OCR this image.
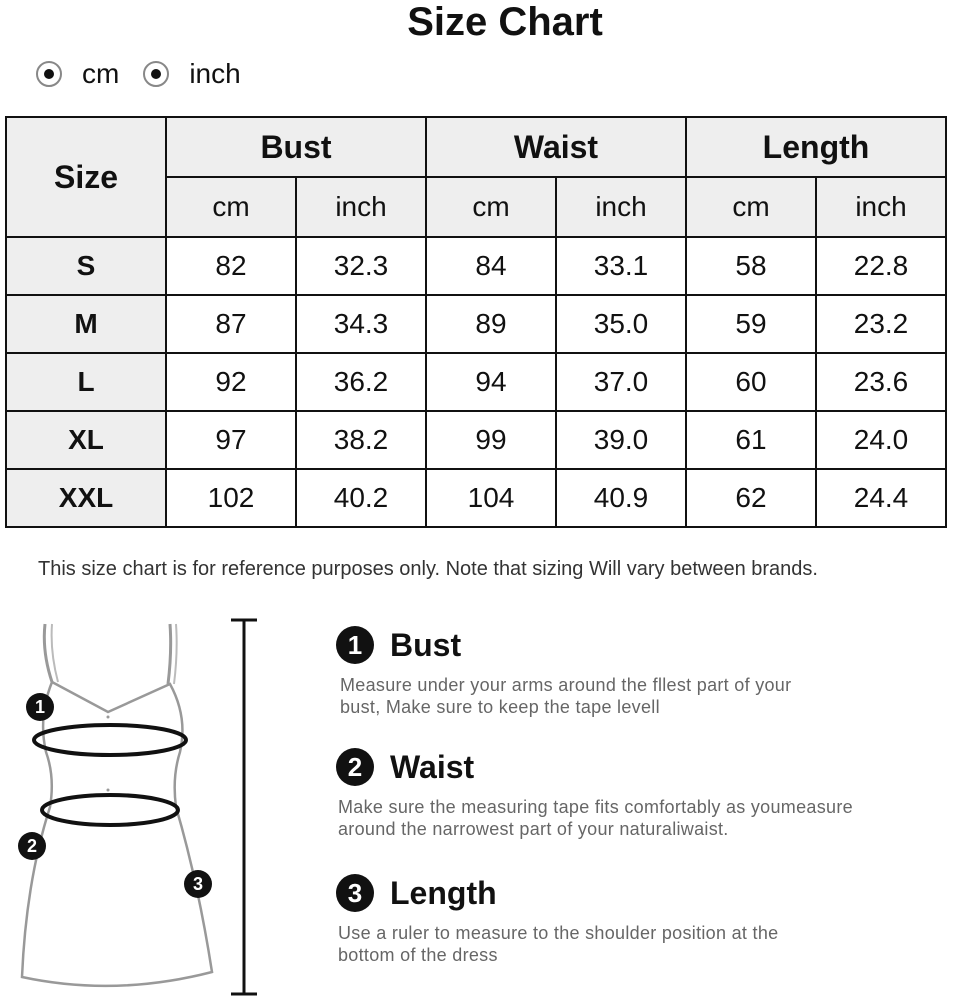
Size Chart
cm	inch
Size	Bust		Waist		Length	
	cm	inch	cm	inch	cm	inch
S	82	32.3	84	33.1	58	22.8
M	87	34.3	89	35.0	59	23.2
L	92	36.2	94	37.0	60	23.6
XL	97	38.2	99	39.0	61	24.0
XXL	102	40.2	104	40.9	62	24.4
This size chart is for reference purposes only. Note that sizing Will vary between brands.
1
2
3
1 Bust
Measure under your arms around the fllest part of your
bust, Make sure to keep the tape levell
2 Waist
Make sure the measuring tape fits comfortably as youmeasure
around the narrowest part of your naturaliwaist.
3 Length
Use a ruler to measure to the shoulder position at the
bottom of the dress
